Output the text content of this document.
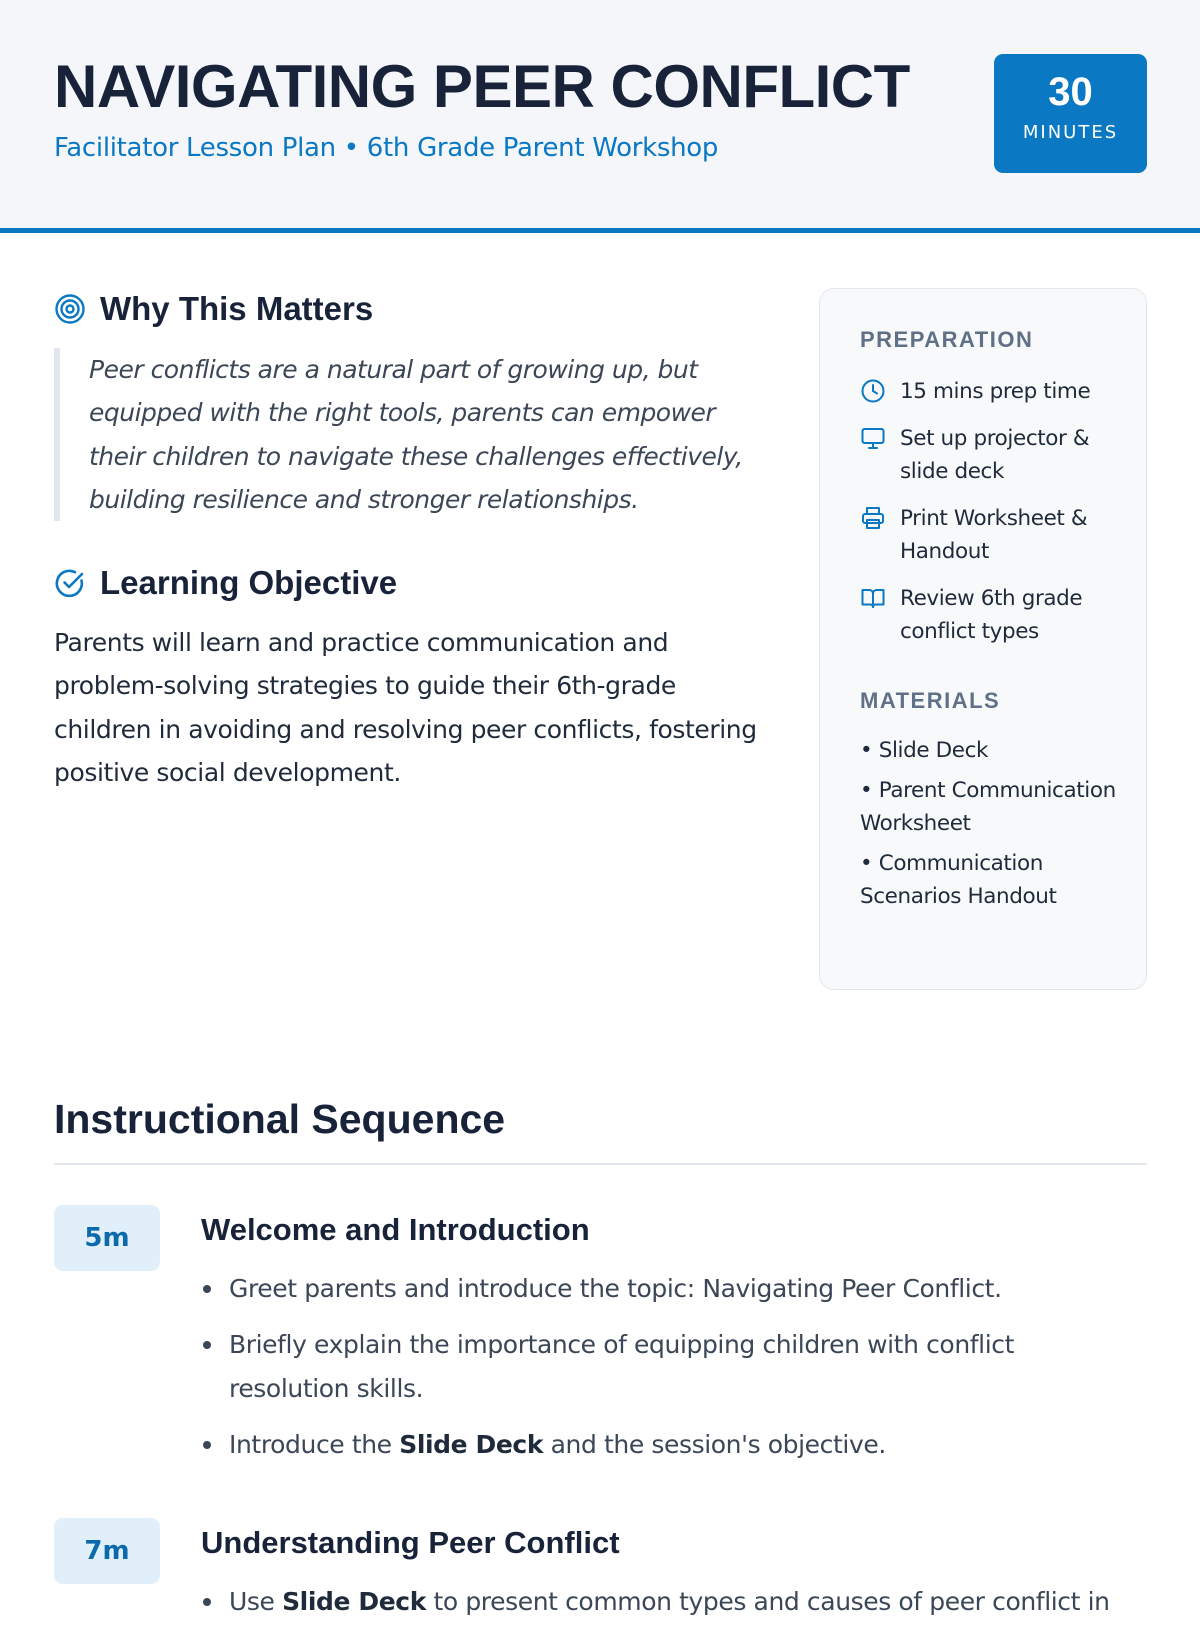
NAVIGATING PEER CONFLICT
Facilitator Lesson Plan • 6th Grade Parent Workshop
30
MINUTES
Why This Matters

Peer conflicts are a natural part of growing up, but equipped with the right tools, parents can empower their children to navigate these challenges effectively, building resilience and stronger relationships.

Learning Objective

Parents will learn and practice communication and problem-solving strategies to guide their 6th-grade children in avoiding and resolving peer conflicts, fostering positive social development.

PREPARATION
15 mins prep time
Set up projector & slide deck
Print Worksheet & Handout
Review 6th grade conflict types
MATERIALS
• Slide Deck
• Parent Communication Worksheet
• Communication Scenarios Handout
Instructional Sequence
5m	Welcome and Introduction
Greet parents and introduce the topic: Navigating Peer Conflict.
Briefly explain the importance of equipping children with conflict resolution skills.
Introduce the Slide Deck and the session's objective.
7m	Understanding Peer Conflict
Use Slide Deck to present common types and causes of peer conflict in
